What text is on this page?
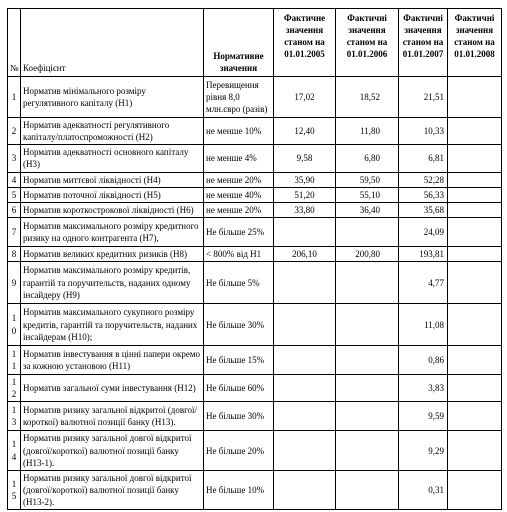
№	Коефіцієнт	Нормативне значення	Фактичне значення станом на 01.01.2005	Фактичні значення станом на 01.01.2006	Фактичні значення станом на 01.01.2007	Фактичні значення станом на 01.01.2008
1	Норматив мінімального розміру регулятивного капіталу (Н1)	Перевищення рівня 8,0 млн.євро (разів)	17,02	18,52	21,51	
2	Норматив адекватності регулятивного капіталу/платоспроможності (Н2)	не менше 10%	12,40	11,80	10,33	
3	Норматив адекватності основного капіталу (Н3)	не менше 4%	9,58	6,80	6,81	
4	Норматив миттєвої ліквідності (Н4)	не менше 20%	35,90	59,50	52,28	
5	Норматив поточної ліквідності (Н5)	не менше 40%	51,20	55,10	56,33	
6	Норматив короткострокової ліквідності (Н6)	не менше 20%	33,80	36,40	35,68	
7	Норматив максимального розміру кредитного ризику на одного контрагента (Н7),	Не більше 25%			24,09	
8	Норматив великих кредитних ризиків (Н8)	< 800% від Н1	206,10	200,80	193,81	
9	Норматив максимального розміру кредитів, гарантій та поручительств, наданих одному інсайдеру (Н9)	Не більше 5%			4,77	
10	Норматив максимального сукупного розміру кредитів, гарантій та поручительств, наданих інсайдерам (Н10);	Не більше 30%			11,08	
11	Норматив інвестування в цінні папери окремо за кожною установою (Н11)	Не більше 15%			0,86	
12	Норматив загальної суми інвестування (Н12)	Не більше 60%			3,83	
13	Норматив ризику загальної відкритої (довгої/короткої) валютної позиції банку (Н13).	Не більше 30%			9,59	
14	Норматив ризику загальної довгої відкритої (довгої/короткої) валютної позиції банку (Н13-1).	Не більше 20%			9,29	
15	Норматив ризику загальної довгої відкритої (довгої/короткої) валютної позиції банку (Н13-2).	Не більше 10%			0,31	
